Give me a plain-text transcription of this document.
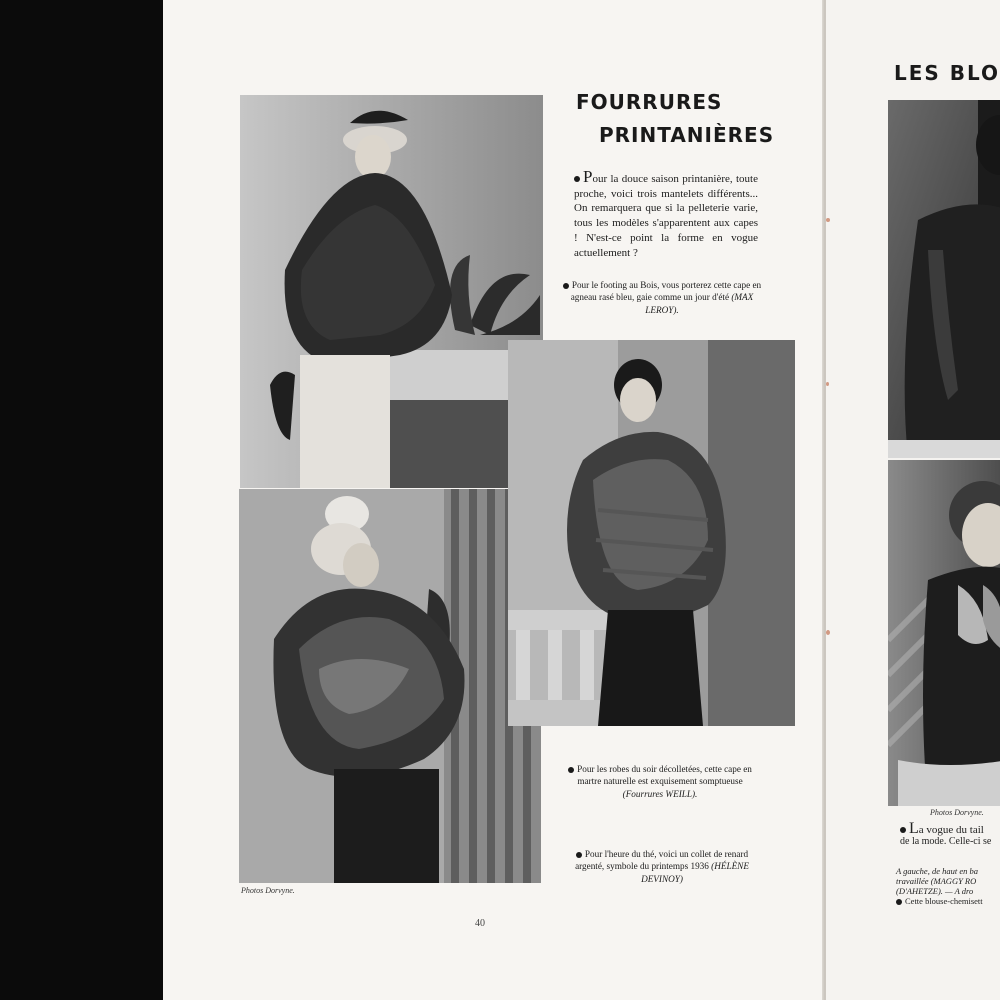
LES BLO
Photos Dorvyne.
La vogue du tail
de la mode. Celle-ci se
A gauche, de haut en ba
travaillée (MAGGY RO
(D'AHETZE). — A dro
Cette blouse-chemisett
FOURRURES
PRINTANIÈRES

Pour la douce saison printanière, toute proche, voici trois mantelets différents... On remarquera que si la pelleterie varie, tous les modèles s'apparentent aux capes ! N'est-ce point la forme en vogue actuellement ?

Pour le footing au Bois, vous porterez cette cape en agneau rasé bleu, gaie comme un jour d'été (MAX LEROY).

Pour les robes du soir décolletées, cette cape en martre naturelle est exquisement somptueuse (Fourrures WEILL).

Pour l'heure du thé, voici un collet de renard argenté, symbole du printemps 1936 (HÉLÈNE DEVINOY)

Photos Dorvyne.
40
